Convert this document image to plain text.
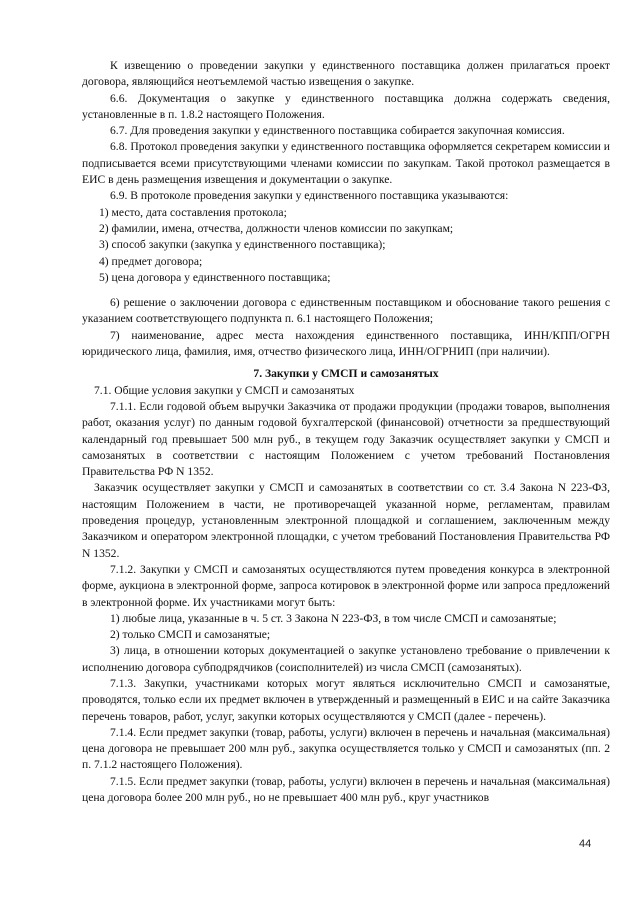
К извещению о проведении закупки у единственного поставщика должен прилагаться проект договора, являющийся неотъемлемой частью извещения о закупке.

6.6. Документация о закупке у единственного поставщика должна содержать сведения, установленные в п. 1.8.2 настоящего Положения.

6.7. Для проведения закупки у единственного поставщика собирается закупочная комиссия.

6.8. Протокол проведения закупки у единственного поставщика оформляется секретарем комиссии и подписывается всеми присутствующими членами комиссии по закупкам. Такой протокол размещается в ЕИС в день размещения извещения и документации о закупке.

6.9. В протоколе проведения закупки у единственного поставщика указываются:

1) место, дата составления протокола;

2) фамилии, имена, отчества, должности членов комиссии по закупкам;

3) способ закупки (закупка у единственного поставщика);

4) предмет договора;

5) цена договора у единственного поставщика;

6) решение о заключении договора с единственным поставщиком и обоснование такого решения с указанием соответствующего подпункта п. 6.1 настоящего Положения;

7) наименование, адрес места нахождения единственного поставщика, ИНН/КПП/ОГРН юридического лица, фамилия, имя, отчество физического лица, ИНН/ОГРНИП (при наличии).

7. Закупки у СМСП и самозанятых

7.1. Общие условия закупки у СМСП и самозанятых

7.1.1. Если годовой объем выручки Заказчика от продажи продукции (продажи товаров, выполнения работ, оказания услуг) по данным годовой бухгалтерской (финансовой) отчетности за предшествующий календарный год превышает 500 млн руб., в текущем году Заказчик осуществляет закупки у СМСП и самозанятых в соответствии с настоящим Положением с учетом требований Постановления Правительства РФ N 1352.

Заказчик осуществляет закупки у СМСП и самозанятых в соответствии со ст. 3.4 Закона N 223-ФЗ, настоящим Положением в части, не противоречащей указанной норме, регламентам, правилам проведения процедур, установленным электронной площадкой и соглашением, заключенным между Заказчиком и оператором электронной площадки, с учетом требований Постановления Правительства РФ N 1352.

7.1.2. Закупки у СМСП и самозанятых осуществляются путем проведения конкурса в электронной форме, аукциона в электронной форме, запроса котировок в электронной форме или запроса предложений в электронной форме. Их участниками могут быть:

1) любые лица, указанные в ч. 5 ст. 3 Закона N 223-ФЗ, в том числе СМСП и самозанятые;

2) только СМСП и самозанятые;

3) лица, в отношении которых документацией о закупке установлено требование о привлечении к исполнению договора субподрядчиков (соисполнителей) из числа СМСП (самозанятых).

7.1.3. Закупки, участниками которых могут являться исключительно СМСП и самозанятые, проводятся, только если их предмет включен в утвержденный и размещенный в ЕИС и на сайте Заказчика перечень товаров, работ, услуг, закупки которых осуществляются у СМСП (далее - перечень).

7.1.4. Если предмет закупки (товар, работы, услуги) включен в перечень и начальная (максимальная) цена договора не превышает 200 млн руб., закупка осуществляется только у СМСП и самозанятых (пп. 2 п. 7.1.2 настоящего Положения).

7.1.5. Если предмет закупки (товар, работы, услуги) включен в перечень и начальная (максимальная) цена договора более 200 млн руб., но не превышает 400 млн руб., круг участников

44
